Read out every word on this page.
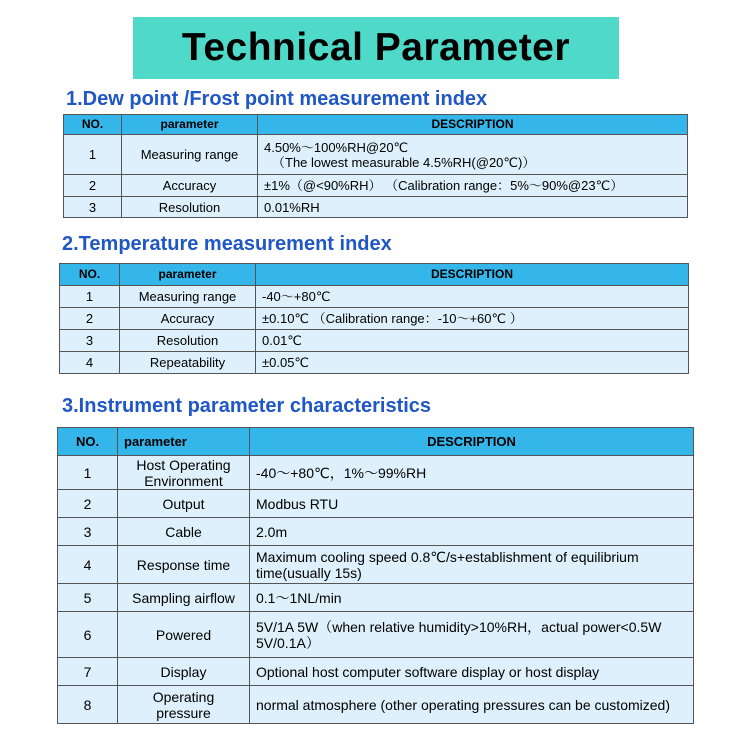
Technical Parameter
1.Dew point /Frost point measurement index
NO.	parameter	DESCRIPTION
1	Measuring range	4.50%～100%RH@20℃
（The lowest measurable 4.5%RH(@20℃)）

2	Accuracy	±1%（@<90%RH） （Calibration range：5%～90%@23℃）
3	Resolution	0.01%RH
2.Temperature measurement index
NO.	parameter	DESCRIPTION
1	Measuring range	-40～+80℃
2	Accuracy	±0.10℃ （Calibration range：-10～+60℃ ）
3	Resolution	0.01℃
4	Repeatability	±0.05℃
3.Instrument parameter characteristics
NO.	parameter	DESCRIPTION
1	Host Operating Environment	-40～+80℃，1%～99%RH
2	Output	Modbus RTU
3	Cable	2.0m
4	Response time	Maximum cooling speed 0.8℃/s+establishment of equilibrium time(usually 15s)
5	Sampling airflow	0.1～1NL/min
6	Powered	5V/1A 5W（when relative humidity>10%RH，actual power<0.5W 5V/0.1A）
7	Display	Optional host computer software display or host display
8	Operating pressure	normal atmosphere (other operating pressures can be customized)
